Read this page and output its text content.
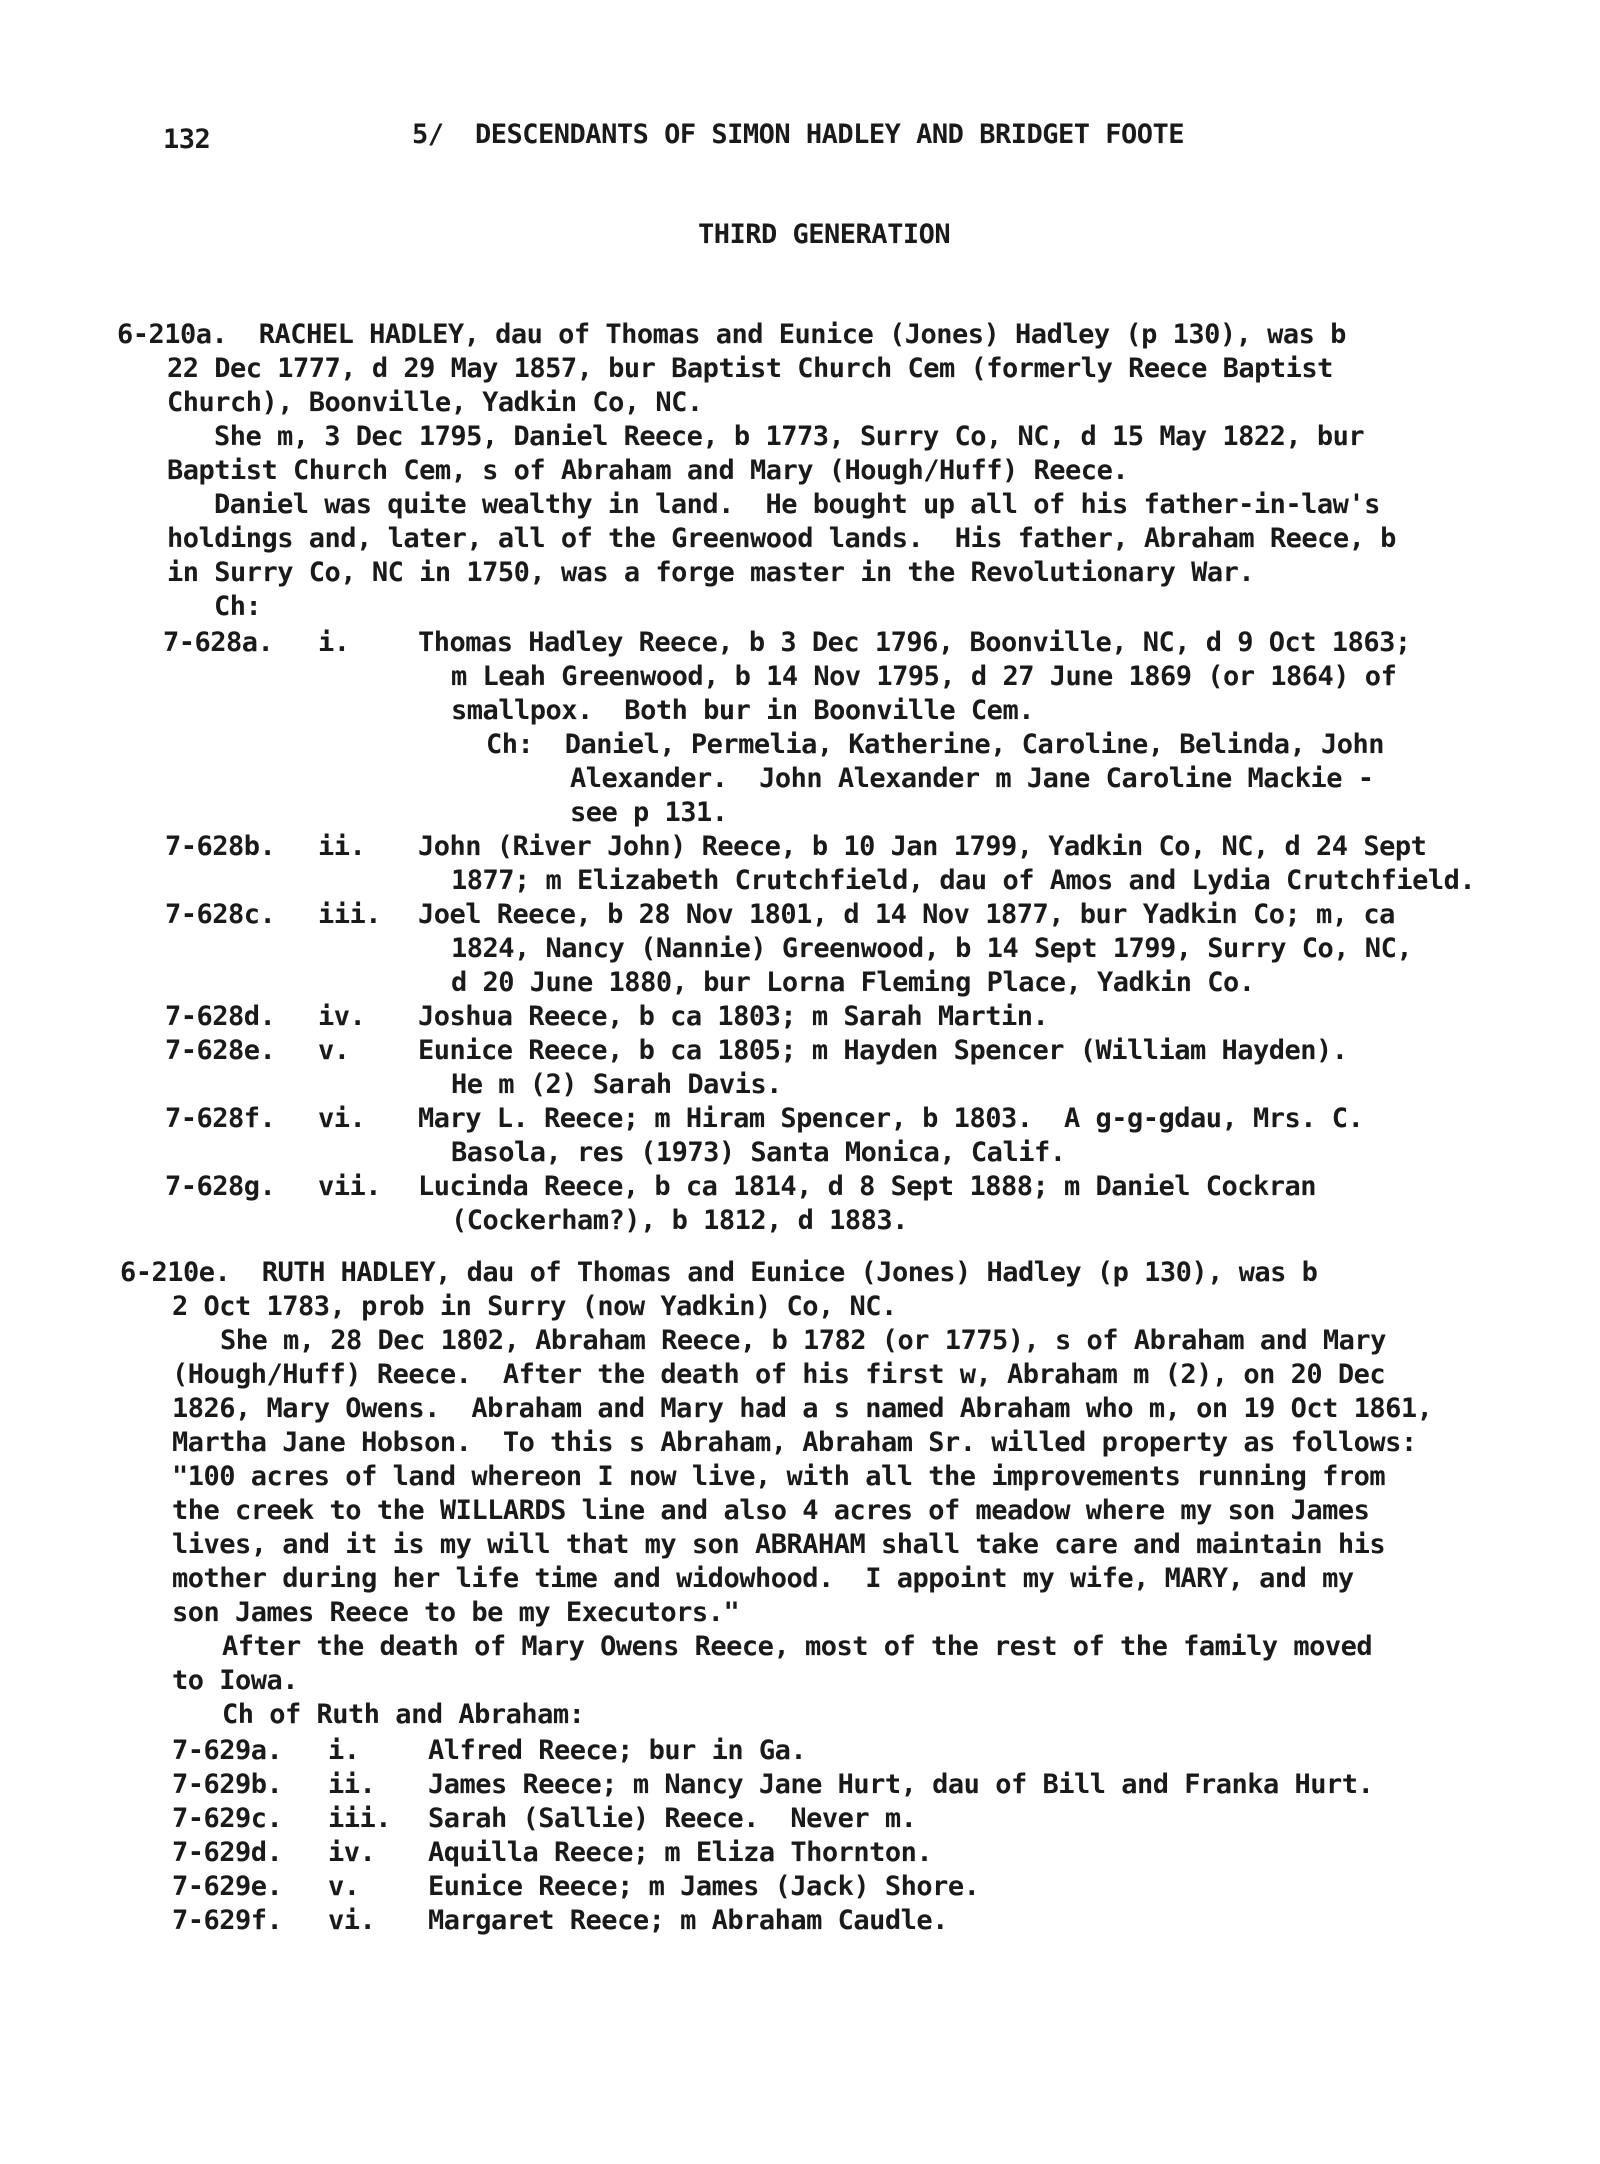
132	5/  DESCENDANTS OF SIMON HADLEY AND BRIDGET FOOTE
THIRD GENERATION
6-210a.  RACHEL HADLEY, dau of Thomas and Eunice (Jones) Hadley (p 130), was b
22 Dec 1777, d 29 May 1857, bur Baptist Church Cem (formerly Reece Baptist
Church), Boonville, Yadkin Co, NC.
She m, 3 Dec 1795, Daniel Reece, b 1773, Surry Co, NC, d 15 May 1822, bur
Baptist Church Cem, s of Abraham and Mary (Hough/Huff) Reece.
Daniel was quite wealthy in land.  He bought up all of his father-in-law's
holdings and, later, all of the Greenwood lands.  His father, Abraham Reece, b
in Surry Co, NC in 1750, was a forge master in the Revolutionary War.
Ch:
7-628a. i.	Thomas Hadley Reece, b 3 Dec 1796, Boonville, NC, d 9 Oct 1863;
m Leah Greenwood, b 14 Nov 1795, d 27 June 1869 (or 1864) of
smallpox.  Both bur in Boonville Cem.
Ch:  Daniel, Permelia, Katherine, Caroline, Belinda, John
Alexander.  John Alexander m Jane Caroline Mackie -
see p 131.
7-628b. ii. John (River John) Reece, b 10 Jan 1799, Yadkin Co, NC, d 24 Sept
1877; m Elizabeth Crutchfield, dau of Amos and Lydia Crutchfield.
7-628c. iii. Joel Reece, b 28 Nov 1801, d 14 Nov 1877, bur Yadkin Co; m, ca
1824, Nancy (Nannie) Greenwood, b 14 Sept 1799, Surry Co, NC,
d 20 June 1880, bur Lorna Fleming Place, Yadkin Co.
7-628d. iv. Joshua Reece, b ca 1803; m Sarah Martin.
7-628e. v.	Eunice Reece, b ca 1805; m Hayden Spencer (William Hayden).
He m (2) Sarah Davis.
7-628f. vi. Mary L. Reece; m Hiram Spencer, b 1803.  A g-g-gdau, Mrs. C.
Basola, res (1973) Santa Monica, Calif.
7-628g. vii. Lucinda Reece, b ca 1814, d 8 Sept 1888; m Daniel Cockran
(Cockerham?), b 1812, d 1883.
6-210e.  RUTH HADLEY, dau of Thomas and Eunice (Jones) Hadley (p 130), was b
2 Oct 1783, prob in Surry (now Yadkin) Co, NC.
She m, 28 Dec 1802, Abraham Reece, b 1782 (or 1775), s of Abraham and Mary
(Hough/Huff) Reece.  After the death of his first w, Abraham m (2), on 20 Dec
1826, Mary Owens.  Abraham and Mary had a s named Abraham who m, on 19 Oct 1861,
Martha Jane Hobson.  To this s Abraham, Abraham Sr. willed property as follows:
"100 acres of land whereon I now live, with all the improvements running from
the creek to the WILLARDS line and also 4 acres of meadow where my son James
lives, and it is my will that my son ABRAHAM shall take care and maintain his
mother during her life time and widowhood.  I appoint my wife, MARY, and my
son James Reece to be my Executors."
After the death of Mary Owens Reece, most of the rest of the family moved
to Iowa.
Ch of Ruth and Abraham:
7-629a. i.	Alfred Reece; bur in Ga.
7-629b. ii. James Reece; m Nancy Jane Hurt, dau of Bill and Franka Hurt.
7-629c. iii. Sarah (Sallie) Reece.  Never m.
7-629d. iv. Aquilla Reece; m Eliza Thornton.
7-629e. v.	Eunice Reece; m James (Jack) Shore.
7-629f. vi. Margaret Reece; m Abraham Caudle.
